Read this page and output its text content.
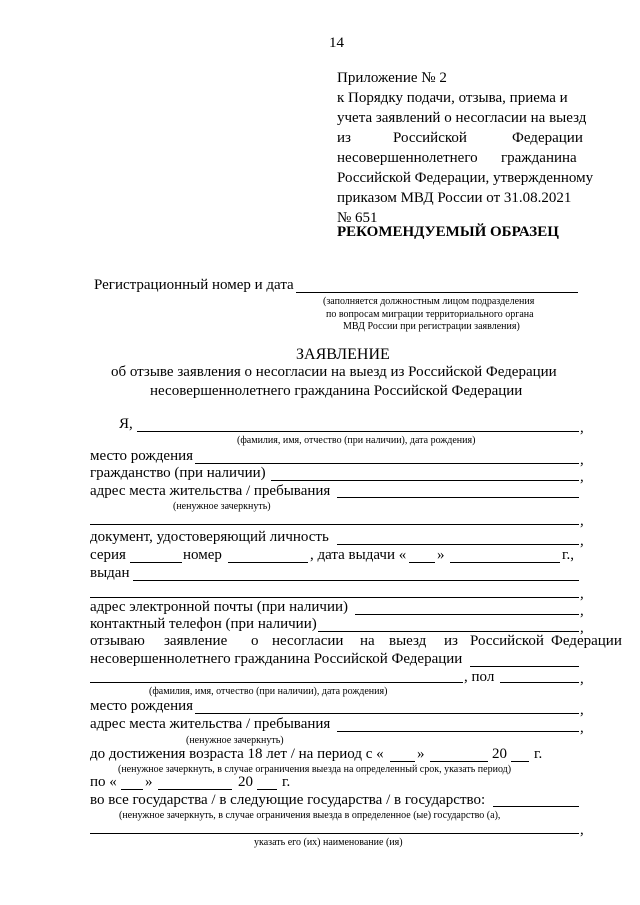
14
Приложение № 2
к Порядку подачи, отзыва, приема и
учета заявлений о несогласии на выезд
из	Российской	Федерации
несовершеннолетнего гражданина
Российской Федерации, утвержденному
приказом МВД России от 31.08.2021
№ 651
РЕКОМЕНДУЕМЫЙ ОБРАЗЕЦ
Регистрационный номер и дата
(заполняется должностным лицом подразделения
по вопросам миграции территориального органа
МВД России при регистрации заявления)
ЗАЯВЛЕНИЕ
об отзыве заявления о несогласии на выезд из Российской Федерации
несовершеннолетнего гражданина Российской Федерации
Я,	,
(фамилия, имя, отчество (при наличии), дата рождения)
место рождения	,
гражданство (при наличии)	,
адрес места жительства / пребывания
(ненужное зачеркнуть)
,
документ, удостоверяющий личность	,
серия	номер	, дата выдачи « »	г.,
выдан
,
адрес электронной почты (при наличии)	,
контактный телефон (при наличии)	,
отзываю заявление о несогласии на выезд из Российской Федерации
несовершеннолетнего гражданина Российской Федерации
, пол	,
(фамилия, имя, отчество (при наличии), дата рождения)
место рождения	,
адрес места жительства / пребывания	,
(ненужное зачеркнуть)
до достижения возраста 18 лет / на период с « »	20 г.
(ненужное зачеркнуть, в случае ограничения выезда на определенный срок, указать период)
по « »	20 г.
во все государства / в следующие государства / в государство:
(ненужное зачеркнуть, в случае ограничения выезда в определенное (ые) государство (а),
,
указать его (их) наименование (ия)
